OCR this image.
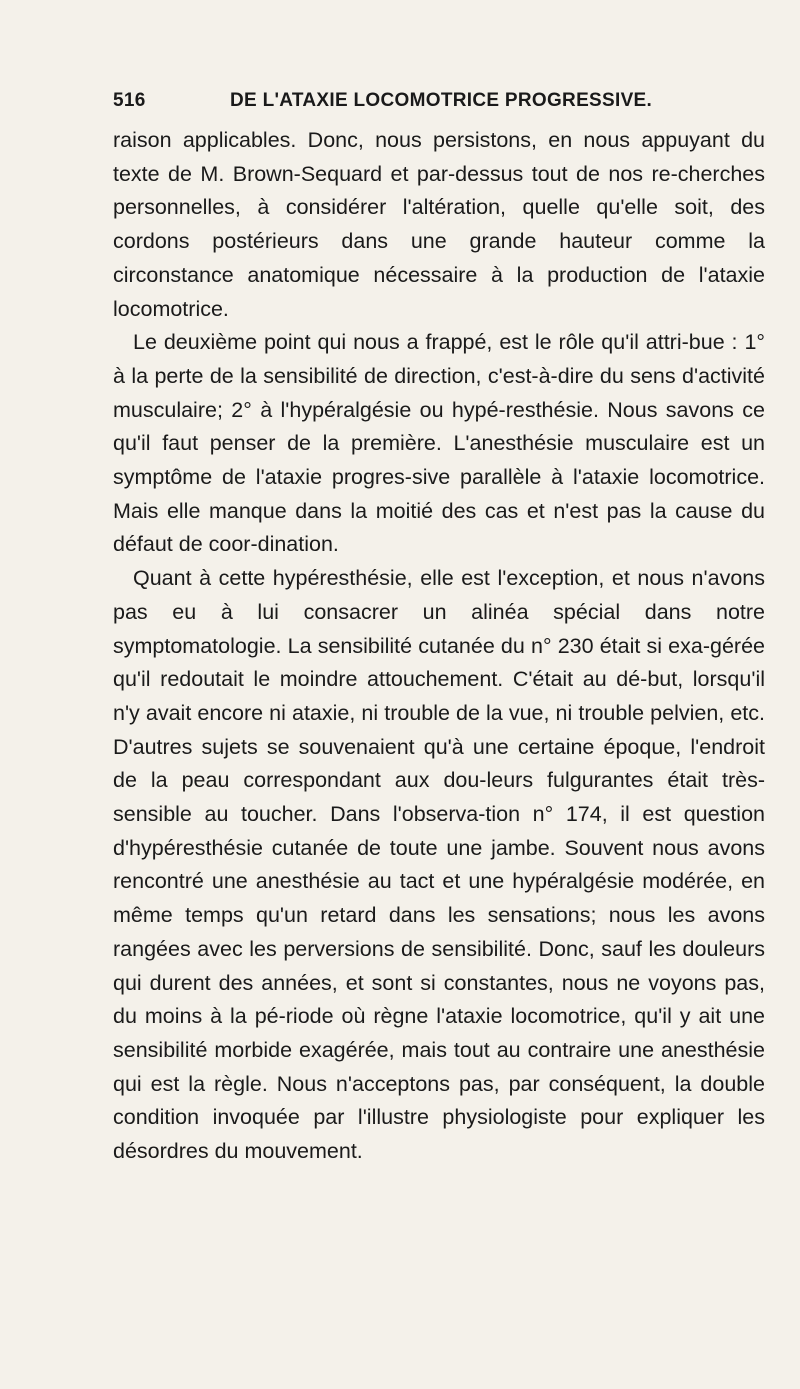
516	DE L'ATAXIE LOCOMOTRICE PROGRESSIVE.

raison applicables. Donc, nous persistons, en nous appuyant du texte de M. Brown-Sequard et par-dessus tout de nos re-cherches personnelles, à considérer l'altération, quelle qu'elle soit, des cordons postérieurs dans une grande hauteur comme la circonstance anatomique nécessaire à la production de l'ataxie locomotrice.

Le deuxième point qui nous a frappé, est le rôle qu'il attri-bue : 1° à la perte de la sensibilité de direction, c'est-à-dire du sens d'activité musculaire; 2° à l'hypéralgésie ou hypé-resthésie. Nous savons ce qu'il faut penser de la première. L'anesthésie musculaire est un symptôme de l'ataxie progres-sive parallèle à l'ataxie locomotrice. Mais elle manque dans la moitié des cas et n'est pas la cause du défaut de coor-dination.

Quant à cette hypéresthésie, elle est l'exception, et nous n'avons pas eu à lui consacrer un alinéa spécial dans notre symptomatologie. La sensibilité cutanée du n° 230 était si exa-gérée qu'il redoutait le moindre attouchement. C'était au dé-but, lorsqu'il n'y avait encore ni ataxie, ni trouble de la vue, ni trouble pelvien, etc. D'autres sujets se souvenaient qu'à une certaine époque, l'endroit de la peau correspondant aux dou-leurs fulgurantes était très-sensible au toucher. Dans l'observa-tion n° 174, il est question d'hypéresthésie cutanée de toute une jambe. Souvent nous avons rencontré une anesthésie au tact et une hypéralgésie modérée, en même temps qu'un retard dans les sensations; nous les avons rangées avec les perversions de sensibilité. Donc, sauf les douleurs qui durent des années, et sont si constantes, nous ne voyons pas, du moins à la pé-riode où règne l'ataxie locomotrice, qu'il y ait une sensibilité morbide exagérée, mais tout au contraire une anesthésie qui est la règle. Nous n'acceptons pas, par conséquent, la double condition invoquée par l'illustre physiologiste pour expliquer les désordres du mouvement.
